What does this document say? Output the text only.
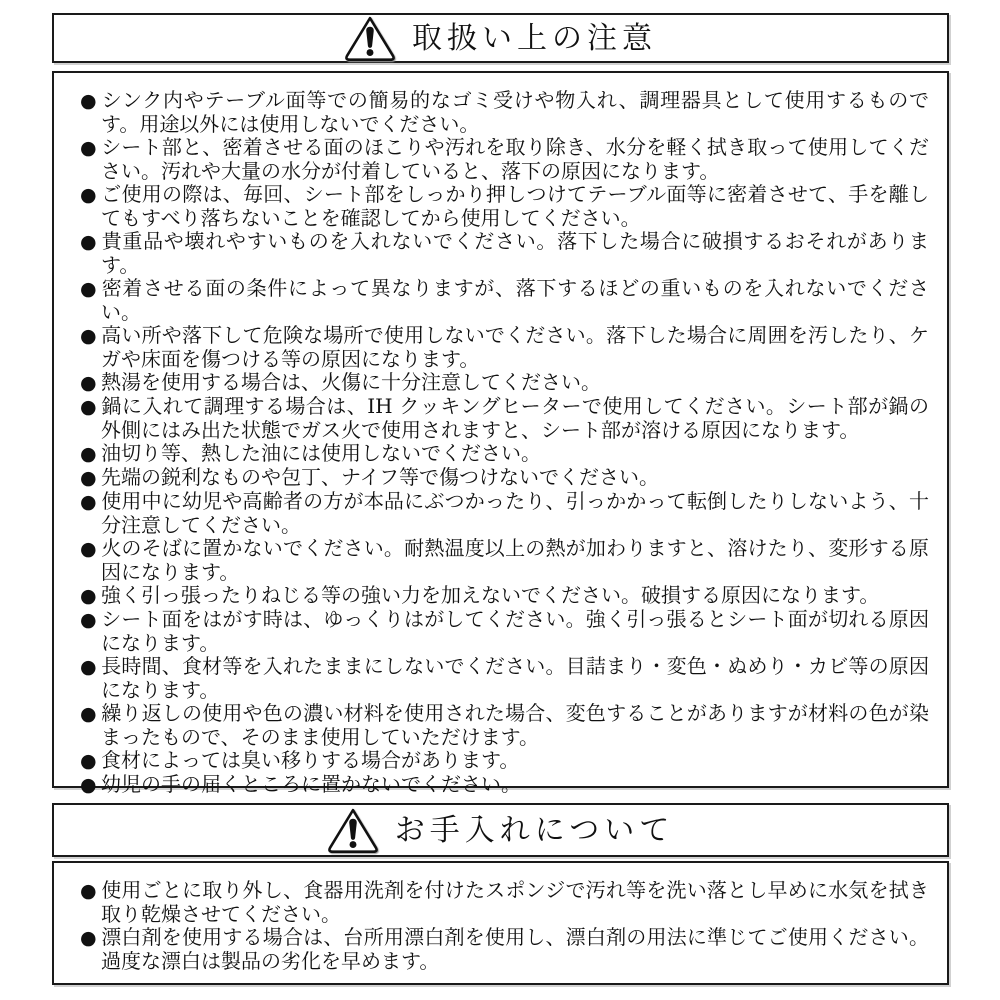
取扱い上の注意
● シンク内やテーブル面等での簡易的なゴミ受けや物入れ、調理器具として使用するものです。用途以外には使用しないでください。
● シート部と、密着させる面のほこりや汚れを取り除き、水分を軽く拭き取って使用してください。汚れや大量の水分が付着していると、落下の原因になります。
● ご使用の際は、毎回、シート部をしっかり押しつけてテーブル面等に密着させて、手を離してもすべり落ちないことを確認してから使用してください。
● 貴重品や壊れやすいものを入れないでください。落下した場合に破損するおそれがあります。
● 密着させる面の条件によって異なりますが、落下するほどの重いものを入れないでください。
● 高い所や落下して危険な場所で使用しないでください。落下した場合に周囲を汚したり、ケガや床面を傷つける等の原因になります。
● 熱湯を使用する場合は、火傷に十分注意してください。
● 鍋に入れて調理する場合は、IH クッキングヒーターで使用してください。シート部が鍋の外側にはみ出た状態でガス火で使用されますと、シート部が溶ける原因になります。
● 油切り等、熱した油には使用しないでください。
● 先端の鋭利なものや包丁、ナイフ等で傷つけないでください。
● 使用中に幼児や高齢者の方が本品にぶつかったり、引っかかって転倒したりしないよう、十分注意してください。
● 火のそばに置かないでください。耐熱温度以上の熱が加わりますと、溶けたり、変形する原因になります。
● 強く引っ張ったりねじる等の強い力を加えないでください。破損する原因になります。
● シート面をはがす時は、ゆっくりはがしてください。強く引っ張るとシート面が切れる原因になります。
● 長時間、食材等を入れたままにしないでください。目詰まり・変色・ぬめり・カビ等の原因になります。
● 繰り返しの使用や色の濃い材料を使用された場合、変色することがありますが材料の色が染まったもので、そのまま使用していただけます。
● 食材によっては臭い移りする場合があります。
● 幼児の手の届くところに置かないでください。
お手入れについて
● 使用ごとに取り外し、食器用洗剤を付けたスポンジで汚れ等を洗い落とし早めに水気を拭き取り乾燥させてください。
● 漂白剤を使用する場合は、台所用漂白剤を使用し、漂白剤の用法に準じてご使用ください。過度な漂白は製品の劣化を早めます。
